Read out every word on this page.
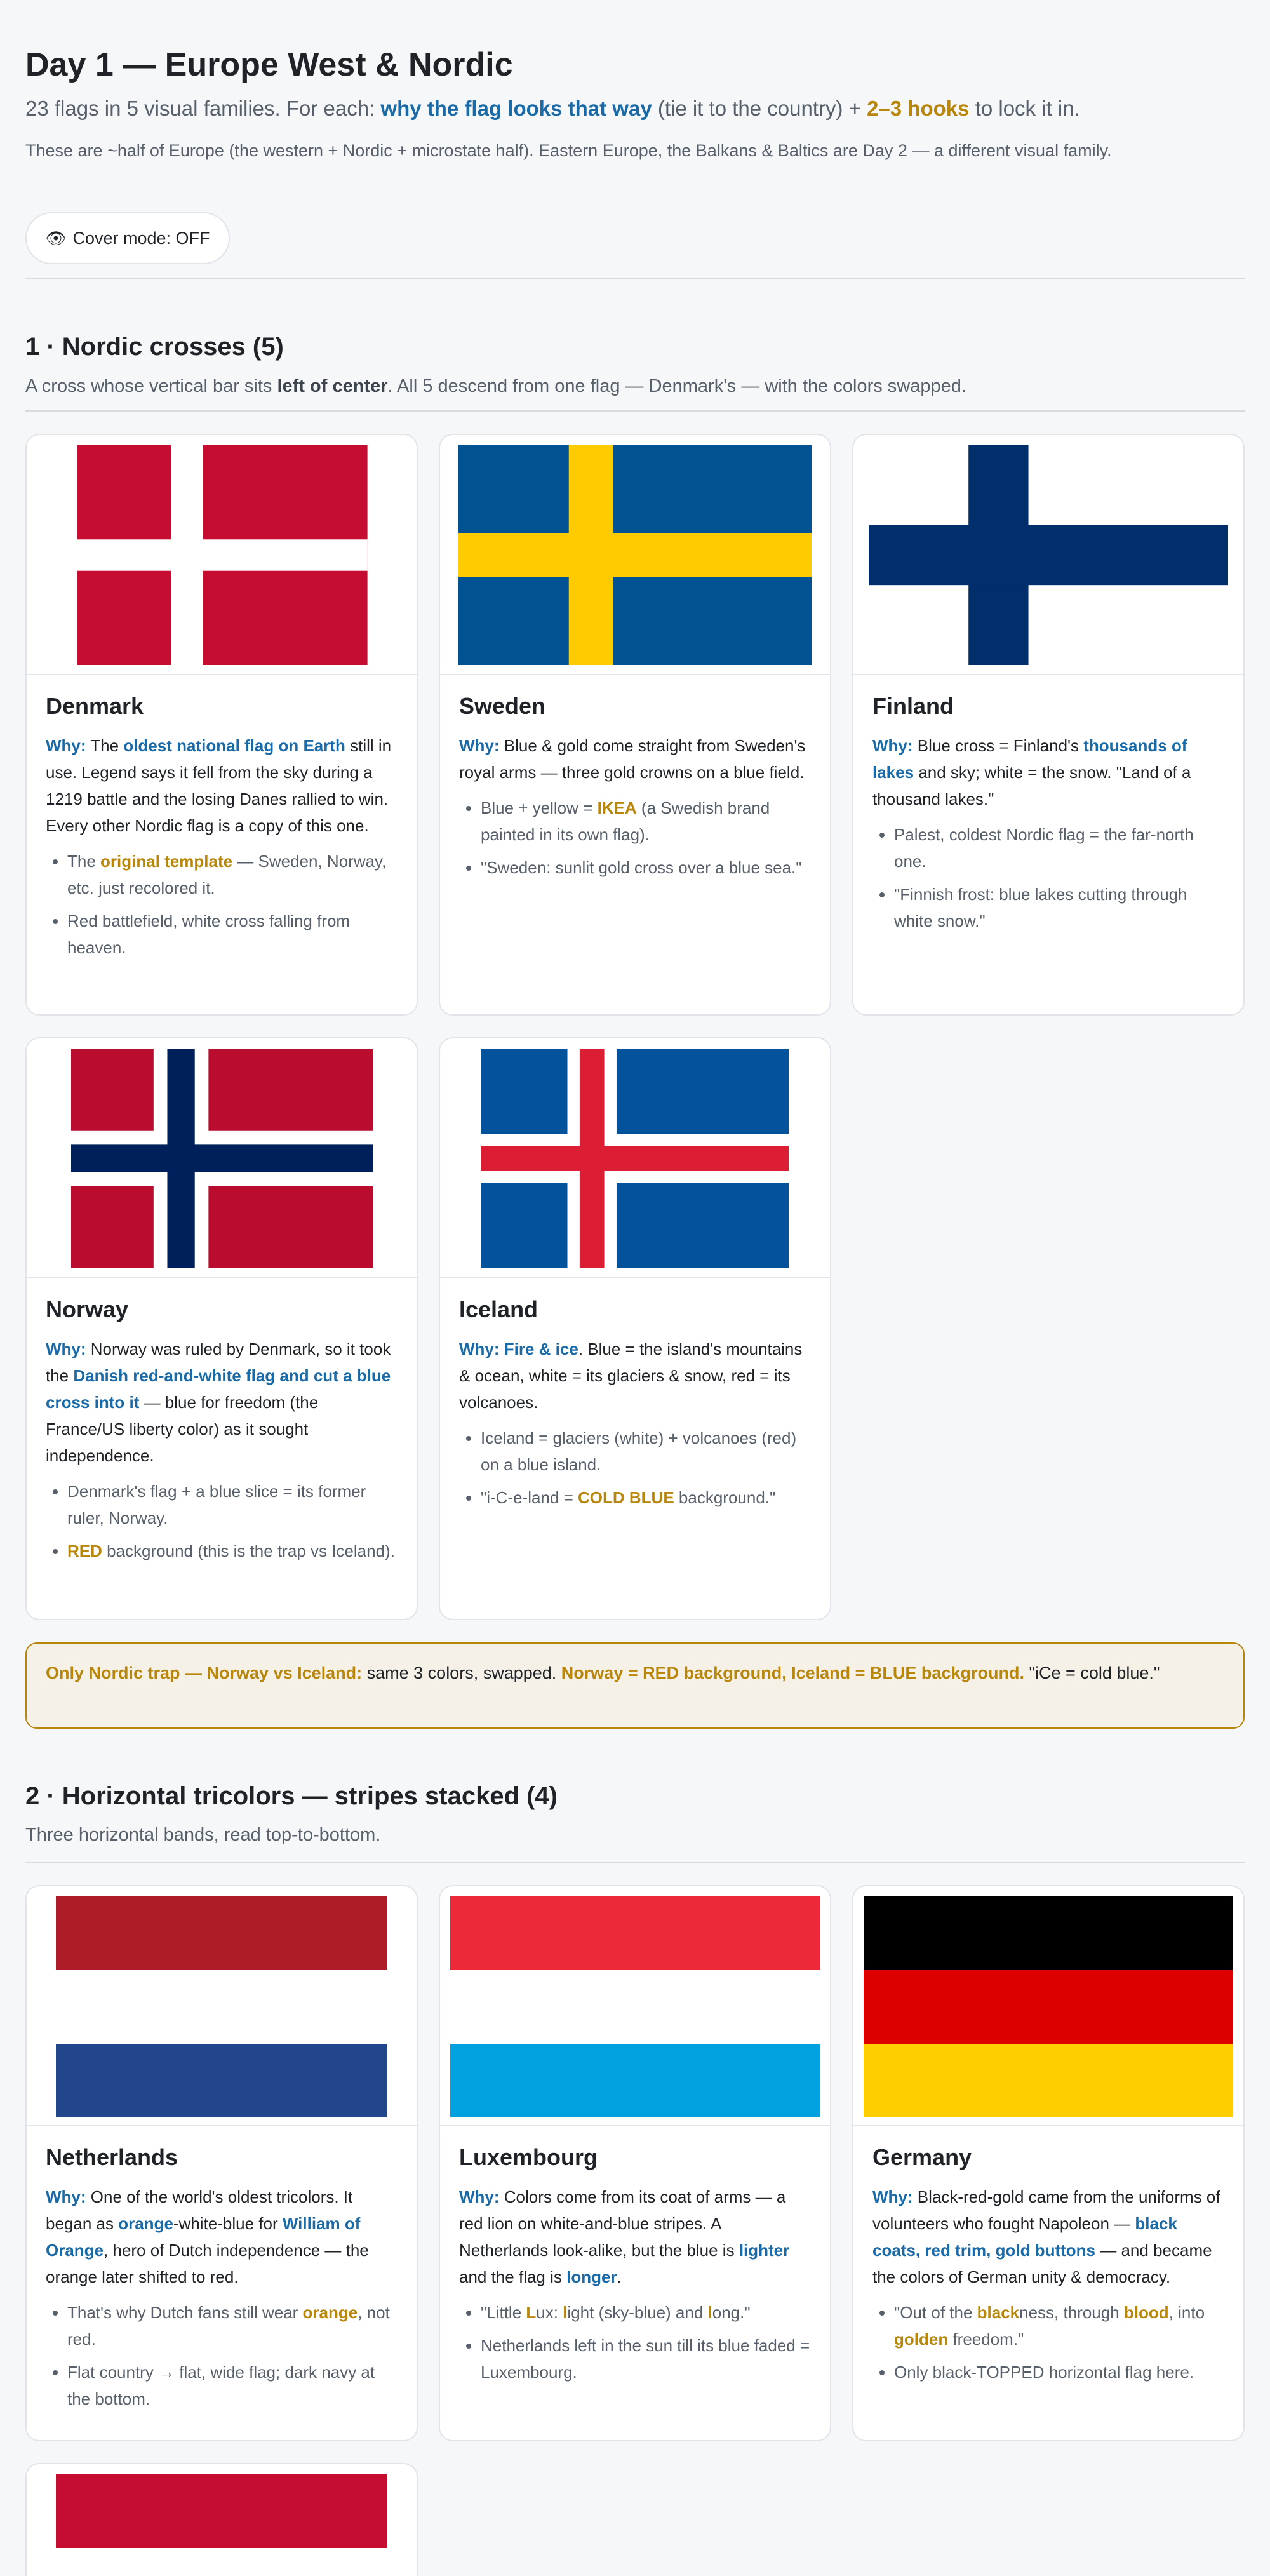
Day 1 — Europe West & Nordic

23 flags in 5 visual families. For each: why the flag looks that way (tie it to the country) + 2–3 hooks to lock it in.

These are ~half of Europe (the western + Nordic + microstate half). Eastern Europe, the Balkans & Baltics are Day 2 — a different visual family.

👁 Cover mode: OFF
1 · Nordic crosses (5)

A cross whose vertical bar sits left of center. All 5 descend from one flag — Denmark's — with the colors swapped.

Denmark

Why: The oldest national flag on Earth still in use. Legend says it fell from the sky during a 1219 battle and the losing Danes rallied to win. Every other Nordic flag is a copy of this one.

• The original template — Sweden, Norway, etc. just recolored it.
• Red battlefield, white cross falling from heaven.
Sweden

Why: Blue & gold come straight from Sweden's royal arms — three gold crowns on a blue field.

• Blue + yellow = IKEA (a Swedish brand painted in its own flag).
• "Sweden: sunlit gold cross over a blue sea."
Finland

Why: Blue cross = Finland's thousands of lakes and sky; white = the snow. "Land of a thousand lakes."

• Palest, coldest Nordic flag = the far-north one.
• "Finnish frost: blue lakes cutting through white snow."
Norway

Why: Norway was ruled by Denmark, so it took the Danish red-and-white flag and cut a blue cross into it — blue for freedom (the France/US liberty color) as it sought independence.

• Denmark's flag + a blue slice = its former ruler, Norway.
• RED background (this is the trap vs Iceland).
Iceland

Why: Fire & ice. Blue = the island's mountains & ocean, white = its glaciers & snow, red = its volcanoes.

• Iceland = glaciers (white) + volcanoes (red) on a blue island.
• "i-C-e-land = COLD BLUE background."
Only Nordic trap — Norway vs Iceland: same 3 colors, swapped. Norway = RED background, Iceland = BLUE background. "iCe = cold blue."
2 · Horizontal tricolors — stripes stacked (4)

Three horizontal bands, read top-to-bottom.

Netherlands

Why: One of the world's oldest tricolors. It began as orange-white-blue for William of Orange, hero of Dutch independence — the orange later shifted to red.

• That's why Dutch fans still wear orange, not red.
• Flat country → flat, wide flag; dark navy at the bottom.
Luxembourg

Why: Colors come from its coat of arms — a red lion on white-and-blue stripes. A Netherlands look-alike, but the blue is lighter and the flag is longer.

• "Little Lux: light (sky-blue) and long."
• Netherlands left in the sun till its blue faded = Luxembourg.
Germany

Why: Black-red-gold came from the uniforms of volunteers who fought Napoleon — black coats, red trim, gold buttons — and became the colors of German unity & democracy.

• "Out of the blackness, through blood, into golden freedom."
• Only black-TOPPED horizontal flag here.
